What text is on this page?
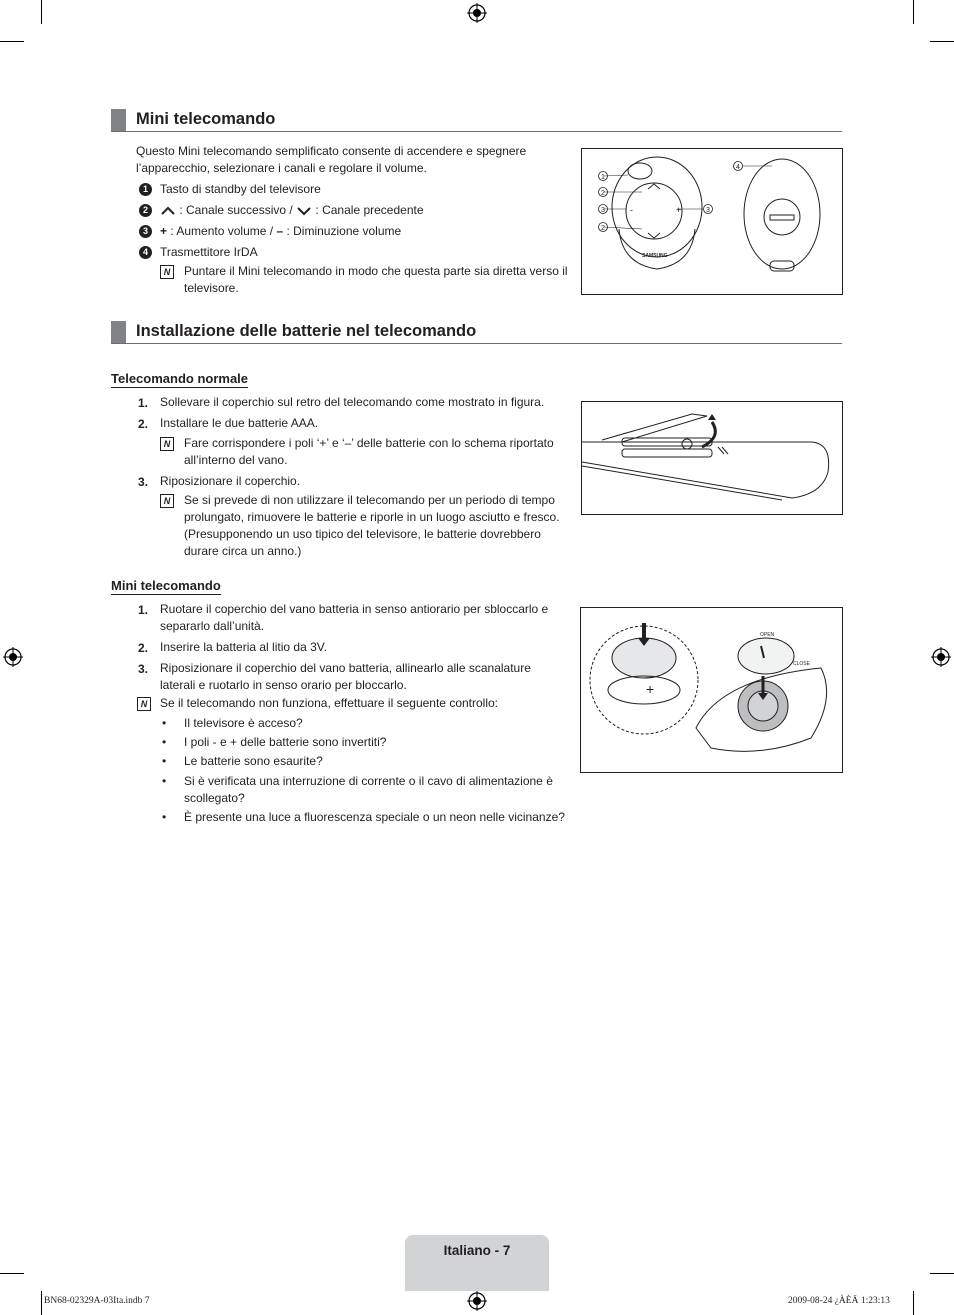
Mini telecomando
Questo Mini telecomando semplificato consente di accendere e spegnere l’apparecchio, selezionare i canali e regolare il volume.
1	Tasto di standby del televisore
2	: Canale successivo / : Canale precedente
3	+ : Aumento volume / – : Diminuzione volume
4	Trasmettitore IrDA
N	Puntare il Mini telecomando in modo che questa parte sia diretta verso il televisore.
+
-
SAMSUNG
1
2
3
2
3
4
Installazione delle batterie nel telecomando
Telecomando normale
1. Sollevare il coperchio sul retro del telecomando come mostrato in figura.
2. Installare le due batterie AAA.
N	Fare corrispondere i poli ‘+’ e ‘–’ delle batterie con lo schema riportato all’interno del vano.
3. Riposizionare il coperchio.
N	Se si prevede di non utilizzare il telecomando per un periodo di tempo prolungato, rimuovere le batterie e riporle in un luogo asciutto e fresco. (Presupponendo un uso tipico del televisore, le batterie dovrebbero durare circa un anno.)
Mini telecomando
1. Ruotare il coperchio del vano batteria in senso antiorario per sbloccarlo e separarlo dall’unità.
2. Inserire la batteria al litio da 3V.
3. Riposizionare il coperchio del vano batteria, allinearlo alle scanalature laterali e ruotarlo in senso orario per bloccarlo.
N	Se il telecomando non funziona, effettuare il seguente controllo:
• Il televisore è acceso?
• I poli - e + delle batterie sono invertiti?
• Le batterie sono esaurite?
• Si è verificata una interruzione di corrente o il cavo di alimentazione è scollegato?
• È presente una luce a fluorescenza speciale o un neon nelle vicinanze?
+
OPEN
CLOSE
Italiano - 7
BN68-02329A-03Ita.indb 7	2009-08-24 ¿ÀÈÄ 1:23:13
